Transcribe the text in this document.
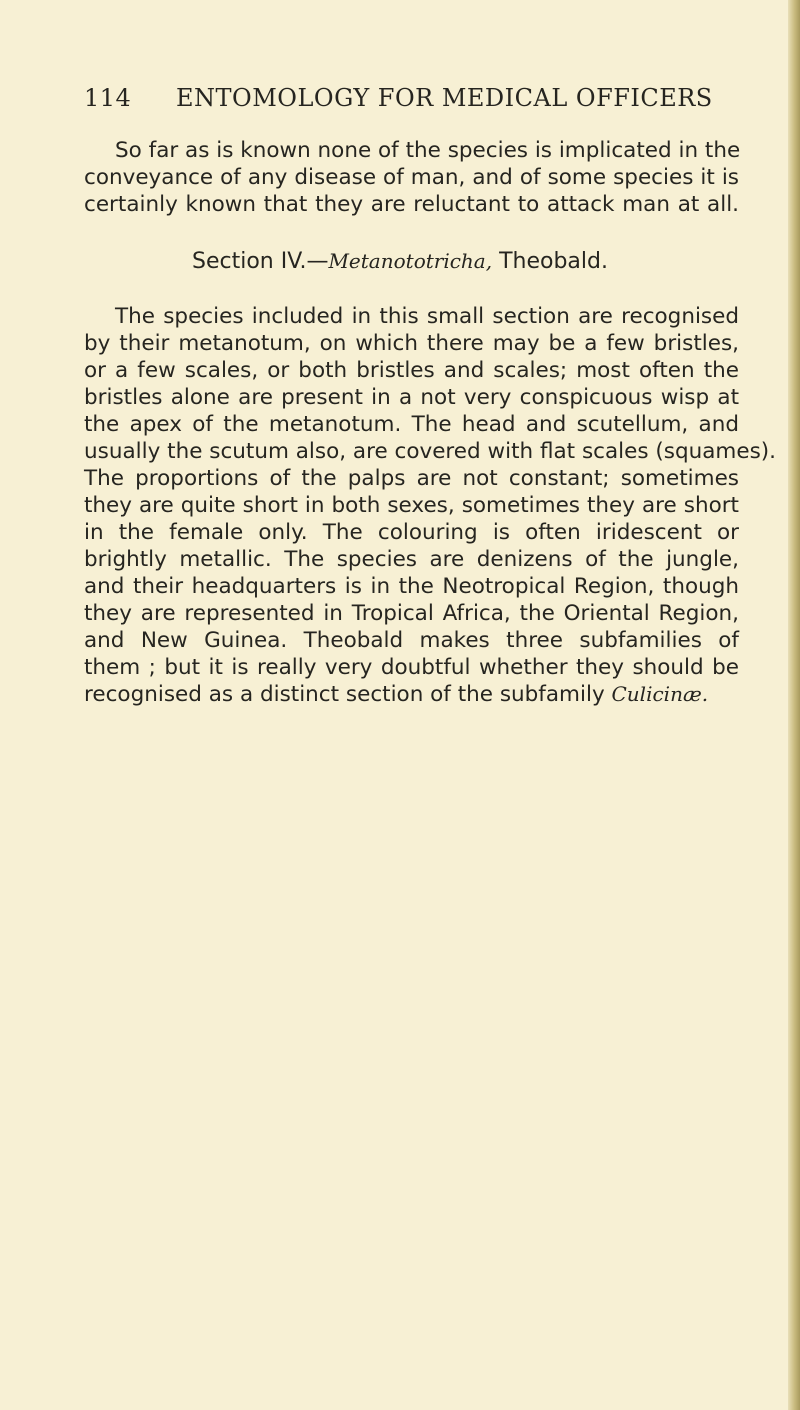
114 ENTOMOLOGY FOR MEDICAL OFFICERS
So far as is known none of the species is implicated in the
conveyance of any disease of man, and of some species it is
certainly known that they are reluctant to attack man at all.
Section IV.—Metanototricha, Theobald.
The species included in this small section are recognised
by their metanotum, on which there may be a few bristles,
or a few scales, or both bristles and scales; most often the
bristles alone are present in a not very conspicuous wisp at
the apex of the metanotum. The head and scutellum, and
usually the scutum also, are covered with flat scales (squames).
The proportions of the palps are not constant; sometimes
they are quite short in both sexes, sometimes they are short
in the female only. The colouring is often iridescent or
brightly metallic. The species are denizens of the jungle,
and their headquarters is in the Neotropical Region, though
they are represented in Tropical Africa, the Oriental Region,
and New Guinea. Theobald makes three subfamilies of
them ; but it is really very doubtful whether they should be
recognised as a distinct section of the subfamily Culicinæ.
